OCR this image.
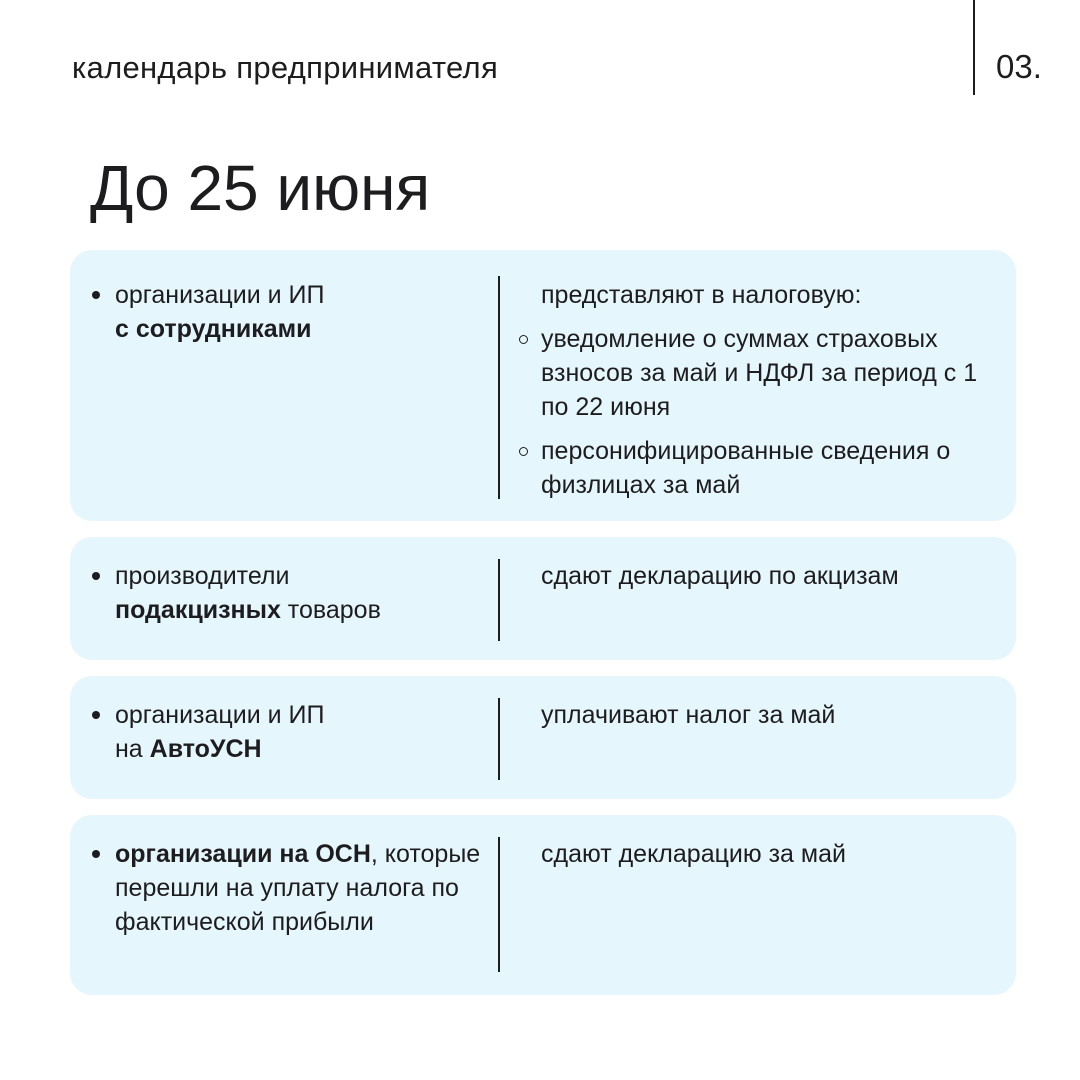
календарь предпринимателя	03.
До 25 июня
организации и ИП
с сотрудниками
представляют в налоговую:
уведомление о суммах страховых взносов за май и НДФЛ за период с 1 по 22 июня
персонифицированные сведения о физлицах за май
производители
подакцизных товаров
сдают декларацию по акцизам
организации и ИП
на АвтоУСН
уплачивают налог за май
организации на ОСН, которые перешли на уплату налога по фактической прибыли
сдают декларацию за май
